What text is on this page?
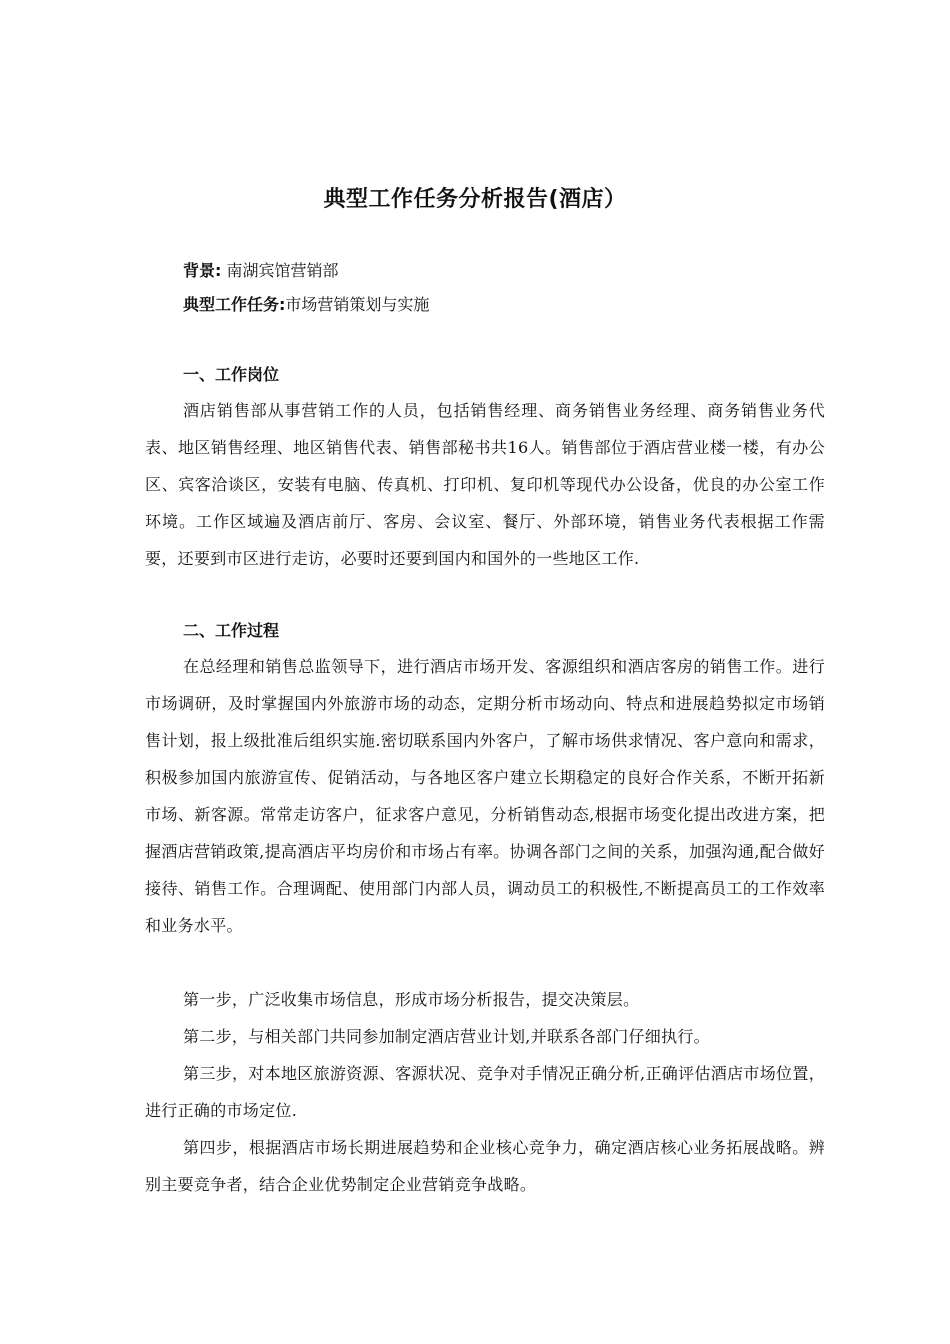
典型工作任务分析报告(酒店）
背景: 南湖宾馆营销部
典型工作任务:市场营销策划与实施
一、工作岗位
酒店销售部从事营销工作的人员，包括销售经理、商务销售业务经理、商务销售业务代表、地区销售经理、地区销售代表、销售部秘书共16人。销售部位于酒店营业楼一楼，有办公区、宾客洽谈区，安装有电脑、传真机、打印机、复印机等现代办公设备，优良的办公室工作环境。工作区域遍及酒店前厅、客房、会议室、餐厅、外部环境，销售业务代表根据工作需要，还要到市区进行走访，必要时还要到国内和国外的一些地区工作.
二、工作过程
在总经理和销售总监领导下，进行酒店市场开发、客源组织和酒店客房的销售工作。进行市场调研，及时掌握国内外旅游市场的动态，定期分析市场动向、特点和进展趋势拟定市场销售计划，报上级批准后组织实施.密切联系国内外客户，了解市场供求情况、客户意向和需求，积极参加国内旅游宣传、促销活动，与各地区客户建立长期稳定的良好合作关系，不断开拓新市场、新客源。常常走访客户，征求客户意见，分析销售动态,根据市场变化提出改进方案，把握酒店营销政策,提高酒店平均房价和市场占有率。协调各部门之间的关系，加强沟通,配合做好接待、销售工作。合理调配、使用部门内部人员，调动员工的积极性,不断提高员工的工作效率和业务水平。
第一步，广泛收集市场信息，形成市场分析报告，提交决策层。
第二步，与相关部门共同参加制定酒店营业计划,并联系各部门仔细执行。
第三步，对本地区旅游资源、客源状况、竞争对手情况正确分析,正确评估酒店市场位置，进行正确的市场定位.
第四步，根据酒店市场长期进展趋势和企业核心竞争力，确定酒店核心业务拓展战略。辨别主要竞争者，结合企业优势制定企业营销竞争战略。
